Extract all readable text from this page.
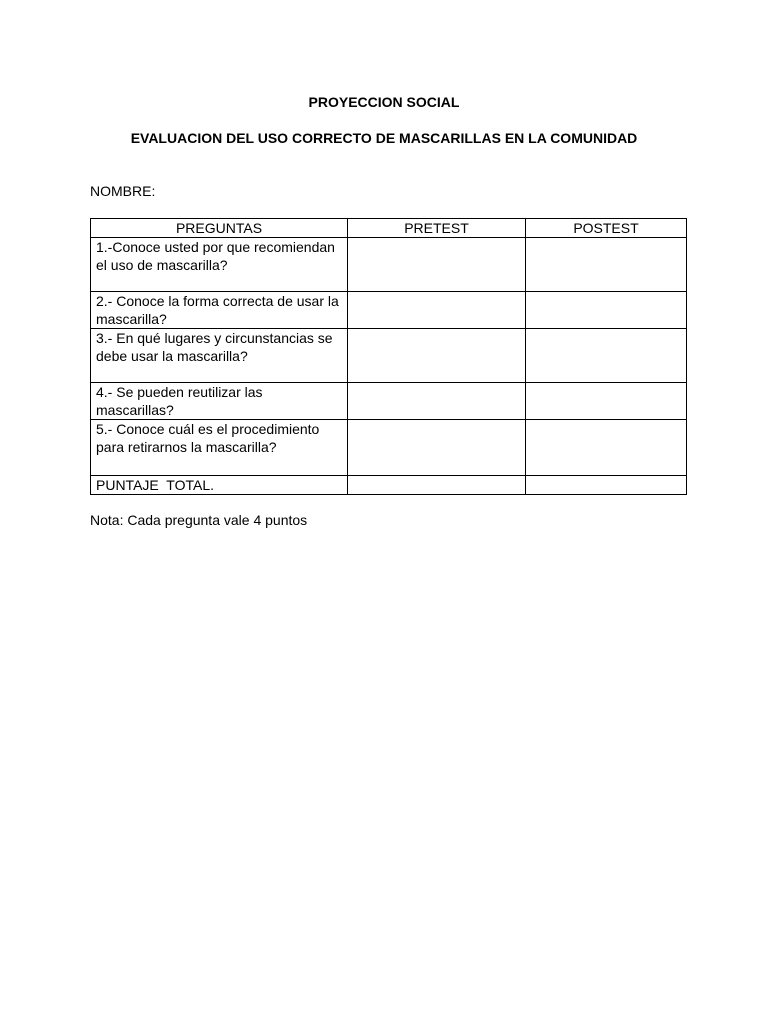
PROYECCION SOCIAL
EVALUACION DEL USO CORRECTO DE MASCARILLAS EN LA COMUNIDAD
NOMBRE:
PREGUNTAS	PRETEST	POSTEST
1.-Conoce usted por que recomiendan el uso de mascarilla?		
2.- Conoce la forma correcta de usar la mascarilla?		
3.- En qué lugares y circunstancias se debe usar la mascarilla?		
4.- Se pueden reutilizar las mascarillas?		
5.- Conoce cuál es el procedimiento para retirarnos la mascarilla?		
PUNTAJE  TOTAL.		
Nota: Cada pregunta vale 4 puntos
